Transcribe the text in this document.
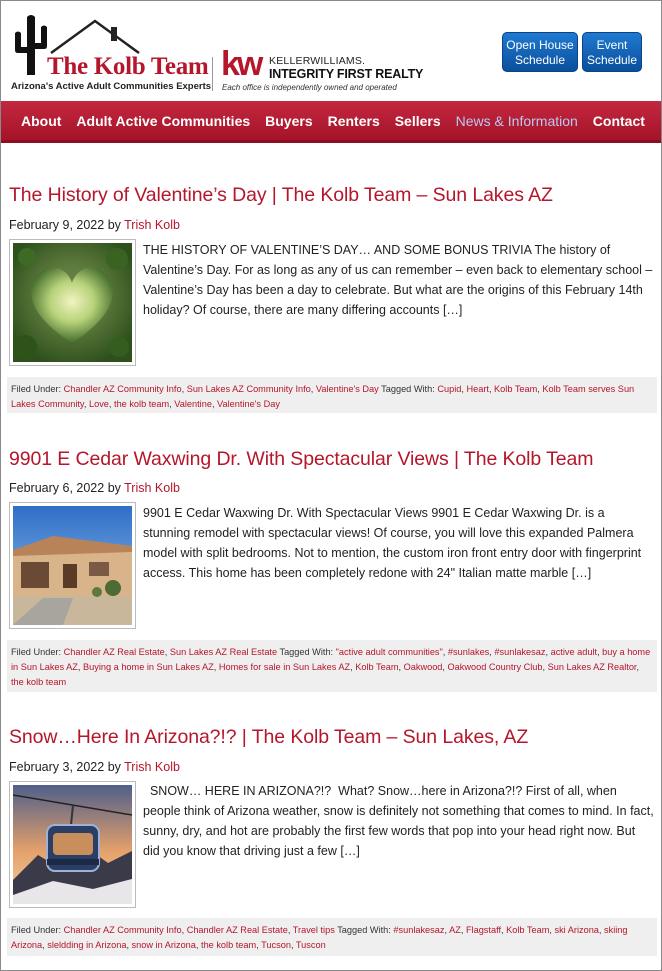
The Kolb Team
Arizona's Active Adult Communities Experts
kw KELLERWILLIAMS.
INTEGRITY FIRST REALTY
Each office is independently owned and operated
Open House
Schedule
Event
Schedule
About Adult Active Communities Buyers Renters Sellers News & Information Contact
The History of Valentine’s Day | The Kolb Team – Sun Lakes AZ
February 9, 2022 by Trish Kolb
THE HISTORY OF VALENTINE’S DAY… AND SOME BONUS TRIVIA The history of Valentine’s Day. For as long as any of us can remember – even back to elementary school – Valentine’s Day has been a day to celebrate. But what are the origins of this February 14th holiday? Of course, there are many differing accounts […]
Filed Under: Chandler AZ Community Info, Sun Lakes AZ Community Info, Valentine's Day Tagged With: Cupid, Heart, Kolb Team, Kolb Team serves Sun Lakes Community, Love, the kolb team, Valentine, Valentine's Day
9901 E Cedar Waxwing Dr. With Spectacular Views | The Kolb Team
February 6, 2022 by Trish Kolb
9901 E Cedar Waxwing Dr. With Spectacular Views 9901 E Cedar Waxwing Dr. is a stunning remodel with spectacular views! Of course, you will love this expanded Palmera model with split bedrooms. Not to mention, the custom iron front entry door with fingerprint access. This home has been completely redone with 24" Italian matte marble […]
Filed Under: Chandler AZ Real Estate, Sun Lakes AZ Real Estate Tagged With: "active adult communities", #sunlakes, #sunlakesaz, active adult, buy a home in Sun Lakes AZ, Buying a home in Sun Lakes AZ, Homes for sale in Sun Lakes AZ, Kolb Team, Oakwood, Oakwood Country Club, Sun Lakes AZ Realtor, the kolb team
Snow…Here In Arizona?!? | The Kolb Team – Sun Lakes, AZ
February 3, 2022 by Trish Kolb
SNOW… HERE IN ARIZONA?!?  What? Snow…here in Arizona?!? First of all, when people think of Arizona weather, snow is definitely not something that comes to mind. In fact, sunny, dry, and hot are probably the first few words that pop into your head right now. But did you know that driving just a few […]
Filed Under: Chandler AZ Community Info, Chandler AZ Real Estate, Travel tips Tagged With: #sunlakesaz, AZ, Flagstaff, Kolb Team, ski Arizona, skiing Arizona, sleldding in Arizona, snow in Arizona, the kolb team, Tucson, Tuscon
